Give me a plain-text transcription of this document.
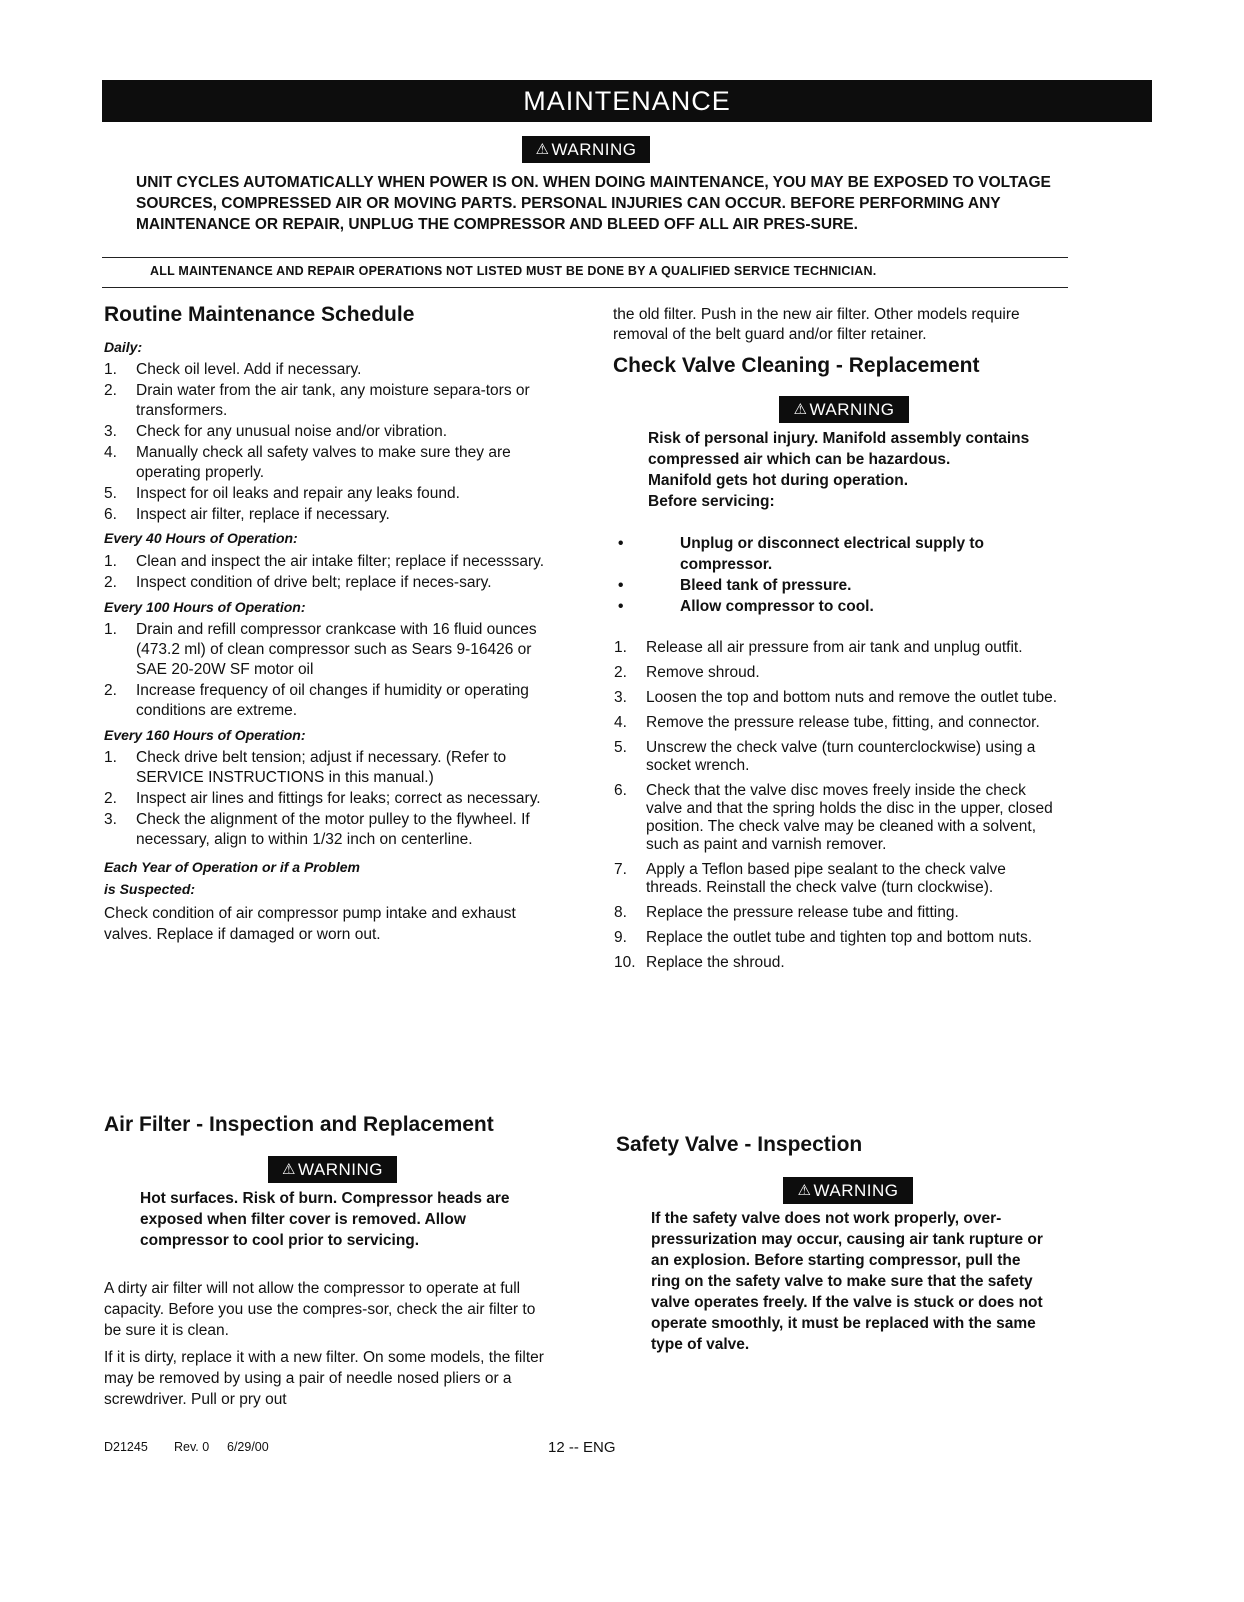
MAINTENANCE
⚠ WARNING

UNIT CYCLES AUTOMATICALLY WHEN POWER IS ON. WHEN DOING MAINTENANCE, YOU MAY BE EXPOSED TO VOLTAGE SOURCES, COMPRESSED AIR OR MOVING PARTS. PERSONAL INJURIES CAN OCCUR. BEFORE PERFORMING ANY MAINTENANCE OR REPAIR, UNPLUG THE COMPRESSOR AND BLEED OFF ALL AIR PRES-SURE.

ALL MAINTENANCE AND REPAIR OPERATIONS NOT LISTED MUST BE DONE BY A QUALIFIED SERVICE TECHNICIAN.
Routine Maintenance Schedule

Daily:

1. Check oil level. Add if necessary.
2. Drain water from the air tank, any moisture separa-tors or transformers.
3. Check for any unusual noise and/or vibration.
4. Manually check all safety valves to make sure they are operating properly.
5. Inspect for oil leaks and repair any leaks found.
6. Inspect air filter, replace if necessary.

Every 40 Hours of Operation:

1. Clean and inspect the air intake filter; replace if necesssary.
2. Inspect condition of drive belt; replace if neces-sary.

Every 100 Hours of Operation:

1. Drain and refill compressor crankcase with 16 fluid ounces (473.2 ml) of clean compressor such as Sears 9-16426 or SAE 20-20W SF motor oil
2. Increase frequency of oil changes if humidity or operating conditions are extreme.

Every 160 Hours of Operation:

1. Check drive belt tension; adjust if necessary. (Refer to SERVICE INSTRUCTIONS in this manual.)
2. Inspect air lines and fittings for leaks; correct as necessary.
3. Check the alignment of the motor pulley to the flywheel. If necessary, align to within 1/32 inch on centerline.

Each Year of Operation or if a Problem

is Suspected:

Check condition of air compressor pump intake and exhaust valves. Replace if damaged or worn out.

Air Filter - Inspection and Replacement
⚠ WARNING

Hot surfaces. Risk of burn. Compressor heads are exposed when filter cover is removed. Allow compressor to cool prior to servicing.

A dirty air filter will not allow the compressor to operate at full capacity. Before you use the compres-sor, check the air filter to be sure it is clean.

If it is dirty, replace it with a new filter. On some models, the filter may be removed by using a pair of needle nosed pliers or a screwdriver. Pull or pry out

the old filter. Push in the new air filter. Other models require removal of the belt guard and/or filter retainer.

Check Valve Cleaning - Replacement
⚠ WARNING

Risk of personal injury. Manifold assembly contains compressed air which can be hazardous.

Manifold gets hot during operation.

Before servicing:

•	Unplug or disconnect electrical supply to compressor.
•	Bleed tank of pressure.
•	Allow compressor to cool.
1. Release all air pressure from air tank and unplug outfit.
2. Remove shroud.
3. Loosen the top and bottom nuts and remove the outlet tube.
4. Remove the pressure release tube, fitting, and connector.
5. Unscrew the check valve (turn counterclockwise) using a socket wrench.
6. Check that the valve disc moves freely inside the check valve and that the spring holds the disc in the upper, closed position. The check valve may be cleaned with a solvent, such as paint and varnish remover.
7. Apply a Teflon based pipe sealant to the check valve threads. Reinstall the check valve (turn clockwise).
8. Replace the pressure release tube and fitting.
9. Replace the outlet tube and tighten top and bottom nuts.
10. Replace the shroud.
Safety Valve - Inspection
⚠ WARNING

If the safety valve does not work properly, over-pressurization may occur, causing air tank rupture or an explosion. Before starting compressor, pull the ring on the safety valve to make sure that the safety valve operates freely. If the valve is stuck or does not operate smoothly, it must be replaced with the same type of valve.

D21245 Rev. 0 6/29/00	12 -- ENG
